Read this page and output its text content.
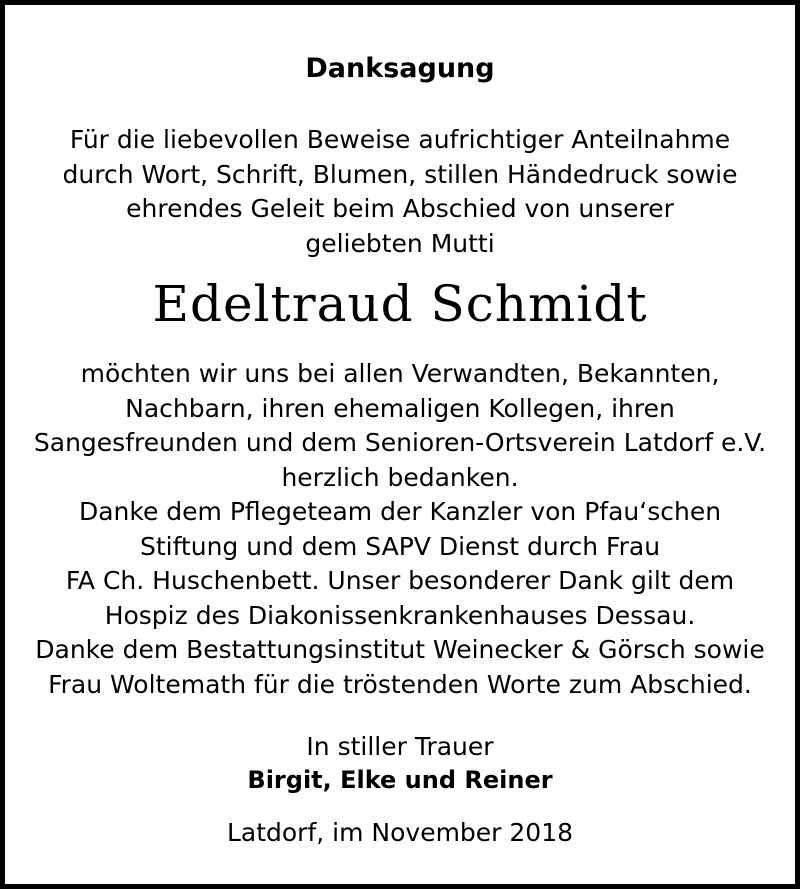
Danksagung
Für die liebevollen Beweise aufrichtiger Anteilnahme
durch Wort, Schrift, Blumen, stillen Händedruck sowie
ehrendes Geleit beim Abschied von unserer
geliebten Mutti
Edeltraud Schmidt
möchten wir uns bei allen Verwandten, Bekannten,
Nachbarn, ihren ehemaligen Kollegen, ihren
Sangesfreunden und dem Senioren-Ortsverein Latdorf e.V.
herzlich bedanken.
Danke dem Pflegeteam der Kanzler von Pfau‘schen
Stiftung und dem SAPV Dienst durch Frau
FA Ch. Huschenbett. Unser besonderer Dank gilt dem
Hospiz des Diakonissenkrankenhauses Dessau.
Danke dem Bestattungsinstitut Weinecker & Görsch sowie
Frau Woltemath für die tröstenden Worte zum Abschied.
In stiller Trauer
Birgit, Elke und Reiner
Latdorf, im November 2018
